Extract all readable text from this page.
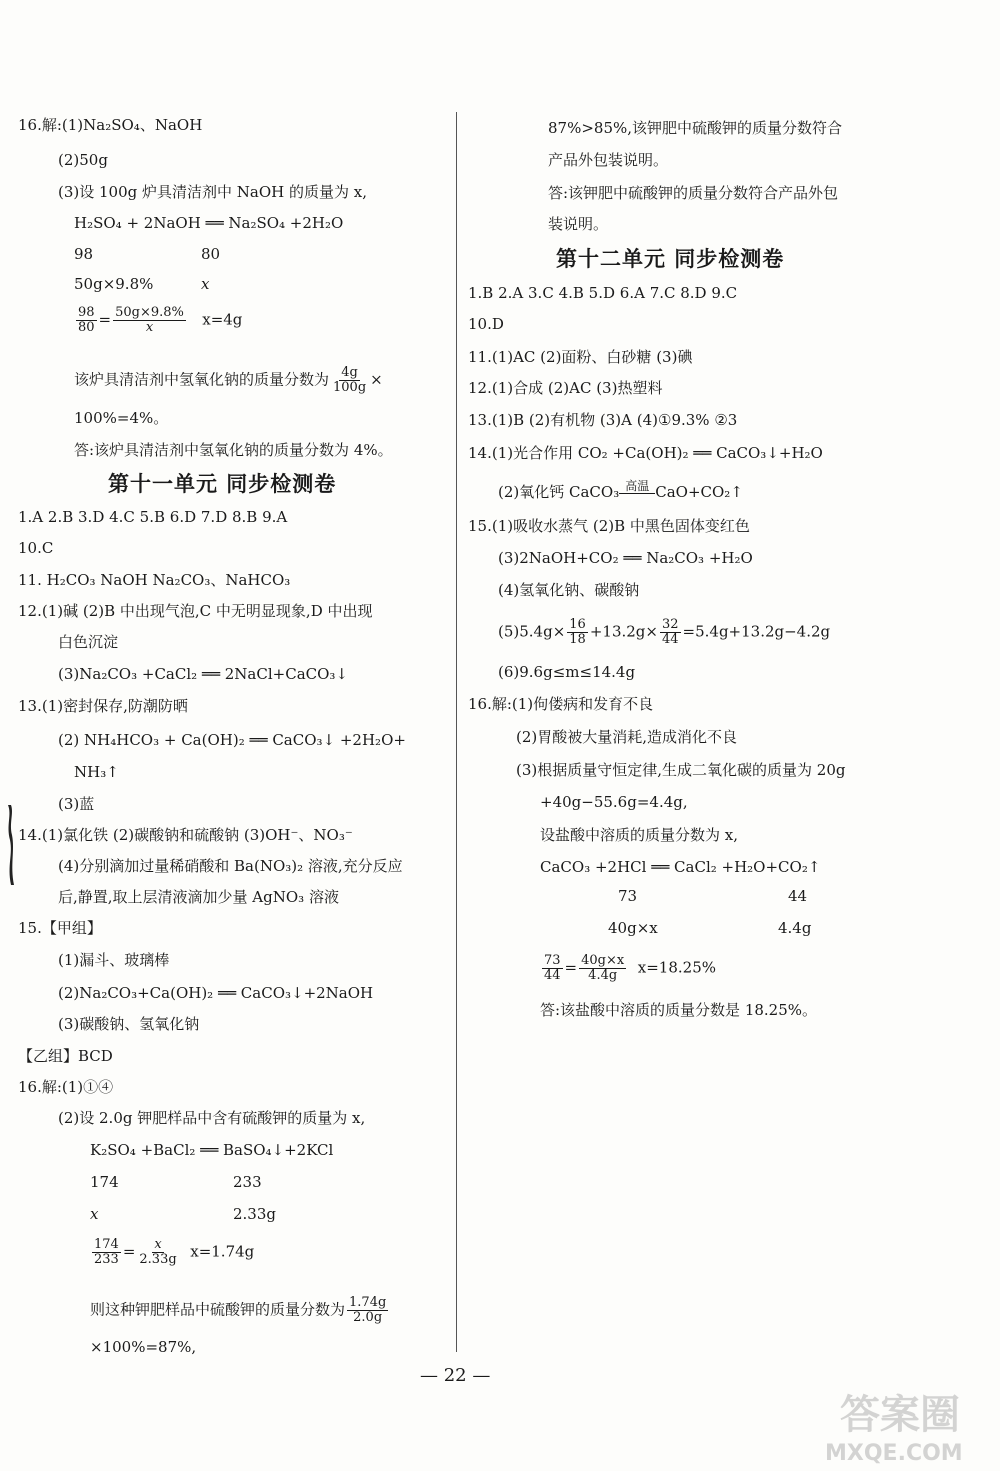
16.解:(1)Na₂SO₄、NaOH
(2)50g
(3)设 100g 炉具清洁剂中 NaOH 的质量为 x,
H₂SO₄ + 2NaOH ══ Na₂SO₄ +2H₂O
98	80
50g×9.8%	x
$\frac{98}{80} = \frac{50g\times 9.8\%}{x} x=4g$
该炉具清洁剂中氢氧化钠的质量分数为 $\frac{4g}{100g}$ ×
100%=4%。
答:该炉具清洁剂中氢氧化钠的质量分数为 4%。
第十一单元 同步检测卷
1.A 2.B 3.D 4.C 5.B 6.D 7.D 8.B 9.A
10.C
11. H₂CO₃ NaOH Na₂CO₃、NaHCO₃
12.(1)碱 (2)B 中出现气泡,C 中无明显现象,D 中出现
白色沉淀
(3)Na₂CO₃ +CaCl₂ ══ 2NaCl+CaCO₃↓
13.(1)密封保存,防潮防晒
(2) NH₄HCO₃ + Ca(OH)₂ ══ CaCO₃↓ +2H₂O+
NH₃↑
(3)蓝
14.(1)氯化铁 (2)碳酸钠和硫酸钠 (3)OH⁻、NO₃⁻
(4)分别滴加过量稀硝酸和 Ba(NO₃)₂ 溶液,充分反应
后,静置,取上层清液滴加少量 AgNO₃ 溶液
15.【甲组】
(1)漏斗、玻璃棒
(2)Na₂CO₃+Ca(OH)₂ ══ CaCO₃↓+2NaOH
(3)碳酸钠、氢氧化钠
【乙组】BCD
16.解:(1)①④
(2)设 2.0g 钾肥样品中含有硫酸钾的质量为 x,
K₂SO₄ +BaCl₂ ══ BaSO₄↓+2KCl
174	233
x	2.33g
$\frac{174}{233} = \frac{x}{2.33g} x=1.74g$
则这种钾肥样品中硫酸钾的质量分数为 $\frac{1.74g}{2.0g}$
×100%=87%,
87%>85%,该钾肥中硫酸钾的质量分数符合
产品外包装说明。
答:该钾肥中硫酸钾的质量分数符合产品外包
装说明。
第十二单元 同步检测卷
1.B 2.A 3.C 4.B 5.D 6.A 7.C 8.D 9.C
10.D
11.(1)AC (2)面粉、白砂糖 (3)碘
12.(1)合成 (2)AC (3)热塑料
13.(1)B (2)有机物 (3)A (4)①9.3% ②3
14.(1)光合作用 CO₂ +Ca(OH)₂ ══ CaCO₃↓+H₂O
(2)氧化钙 CaCO₃ 高温 CaO+CO₂↑
15.(1)吸收水蒸气 (2)B 中黑色固体变红色
(3)2NaOH+CO₂ ══ Na₂CO₃ +H₂O
(4)氢氧化钠、碳酸钠
$(5)5.4g\times \frac{16}{18} +13.2g\times \frac{32}{44} =5.4g+13.2g-4.2g$
(6)9.6g≤m≤14.4g
16.解:(1)佝偻病和发育不良
(2)胃酸被大量消耗,造成消化不良
(3)根据质量守恒定律,生成二氧化碳的质量为 20g
+40g−55.6g=4.4g,
设盐酸中溶质的质量分数为 x,
CaCO₃ +2HCl ══ CaCl₂ +H₂O+CO₂↑
73	44
40g×x	4.4g
$\frac{73}{44} = \frac{40g\times x}{4.4g} x=18.25\%$
答:该盐酸中溶质的质量分数是 18.25%。
— 22 —
答案圈
MXQE.COM
